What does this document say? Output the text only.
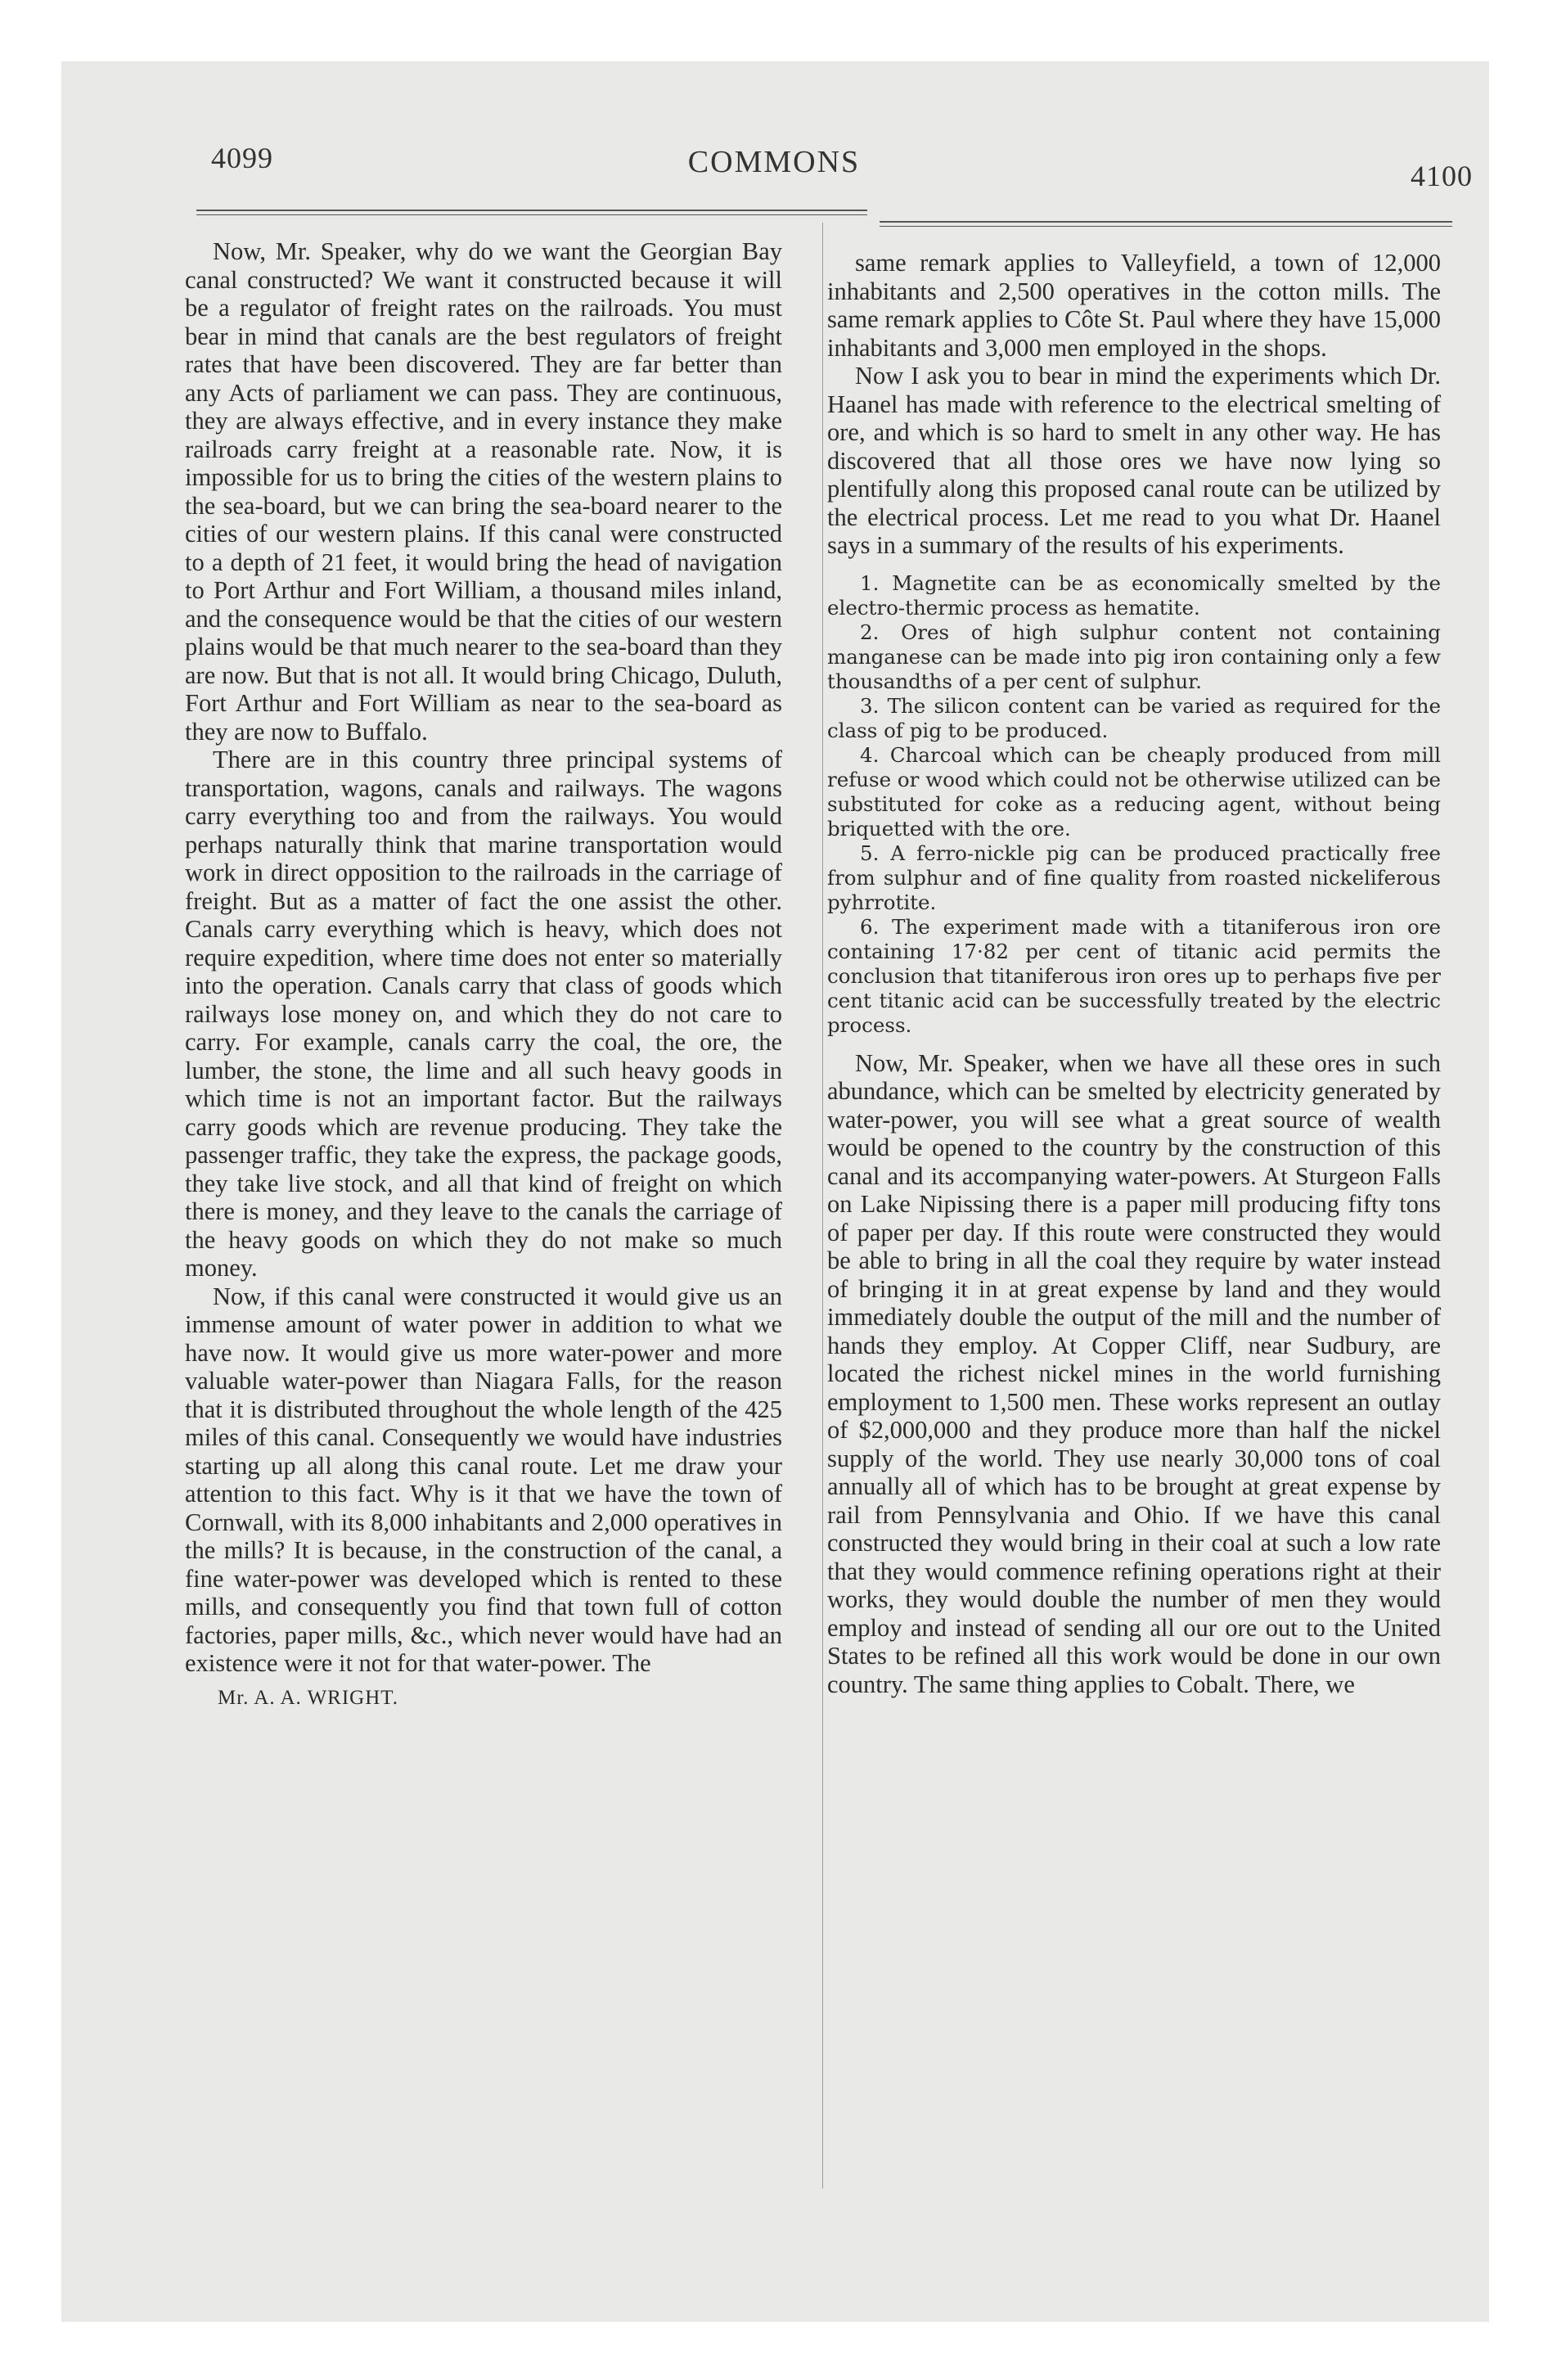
4099	COMMONS	4100

Now, Mr. Speaker, why do we want the Georgian Bay canal constructed? We want it constructed because it will be a regulator of freight rates on the railroads. You must bear in mind that canals are the best regulators of freight rates that have been discovered. They are far better than any Acts of parliament we can pass. They are continuous, they are always effective, and in every instance they make railroads carry freight at a reasonable rate. Now, it is impossible for us to bring the cities of the western plains to the sea-board, but we can bring the sea-board nearer to the cities of our western plains. If this canal were constructed to a depth of 21 feet, it would bring the head of navigation to Port Arthur and Fort William, a thousand miles inland, and the consequence would be that the cities of our western plains would be that much nearer to the sea-board than they are now. But that is not all. It would bring Chicago, Duluth, Fort Arthur and Fort William as near to the sea-board as they are now to Buffalo.

There are in this country three principal systems of transportation, wagons, canals and railways. The wagons carry everything too and from the railways. You would perhaps naturally think that marine transportation would work in direct opposition to the railroads in the carriage of freight. But as a matter of fact the one assist the other. Canals carry everything which is heavy, which does not require expedition, where time does not enter so materially into the operation. Canals carry that class of goods which railways lose money on, and which they do not care to carry. For example, canals carry the coal, the ore, the lumber, the stone, the lime and all such heavy goods in which time is not an important factor. But the railways carry goods which are revenue producing. They take the passenger traffic, they take the express, the package goods, they take live stock, and all that kind of freight on which there is money, and they leave to the canals the carriage of the heavy goods on which they do not make so much money.

Now, if this canal were constructed it would give us an immense amount of water power in addition to what we have now. It would give us more water-power and more valuable water-power than Niagara Falls, for the reason that it is distributed throughout the whole length of the 425 miles of this canal. Consequently we would have industries starting up all along this canal route. Let me draw your attention to this fact. Why is it that we have the town of Cornwall, with its 8,000 inhabitants and 2,000 operatives in the mills? It is because, in the construction of the canal, a fine water-power was developed which is rented to these mills, and consequently you find that town full of cotton factories, paper mills, &c., which never would have had an existence were it not for that water-power. The

Mr. A. A. WRIGHT.

same remark applies to Valleyfield, a town of 12,000 inhabitants and 2,500 operatives in the cotton mills. The same remark applies to Côte St. Paul where they have 15,000 inhabitants and 3,000 men employed in the shops.

Now I ask you to bear in mind the experiments which Dr. Haanel has made with reference to the electrical smelting of ore, and which is so hard to smelt in any other way. He has discovered that all those ores we have now lying so plentifully along this proposed canal route can be utilized by the electrical process. Let me read to you what Dr. Haanel says in a summary of the results of his experiments.

1. Magnetite can be as economically smelted by the electro-thermic process as hematite.

2. Ores of high sulphur content not containing manganese can be made into pig iron containing only a few thousandths of a per cent of sulphur.

3. The silicon content can be varied as required for the class of pig to be produced.

4. Charcoal which can be cheaply produced from mill refuse or wood which could not be otherwise utilized can be substituted for coke as a reducing agent, without being briquetted with the ore.

5. A ferro-nickle pig can be produced practically free from sulphur and of fine quality from roasted nickeliferous pyhrrotite.

6. The experiment made with a titaniferous iron ore containing 17·82 per cent of titanic acid permits the conclusion that titaniferous iron ores up to perhaps five per cent titanic acid can be successfully treated by the electric process.

Now, Mr. Speaker, when we have all these ores in such abundance, which can be smelted by electricity generated by water-power, you will see what a great source of wealth would be opened to the country by the construction of this canal and its accompanying water-powers. At Sturgeon Falls on Lake Nipissing there is a paper mill producing fifty tons of paper per day. If this route were constructed they would be able to bring in all the coal they require by water instead of bringing it in at great expense by land and they would immediately double the output of the mill and the number of hands they employ. At Copper Cliff, near Sudbury, are located the richest nickel mines in the world furnishing employment to 1,500 men. These works represent an outlay of $2,000,000 and they produce more than half the nickel supply of the world. They use nearly 30,000 tons of coal annually all of which has to be brought at great expense by rail from Pennsylvania and Ohio. If we have this canal constructed they would bring in their coal at such a low rate that they would commence refining operations right at their works, they would double the number of men they would employ and instead of sending all our ore out to the United States to be refined all this work would be done in our own country. The same thing applies to Cobalt. There, we
